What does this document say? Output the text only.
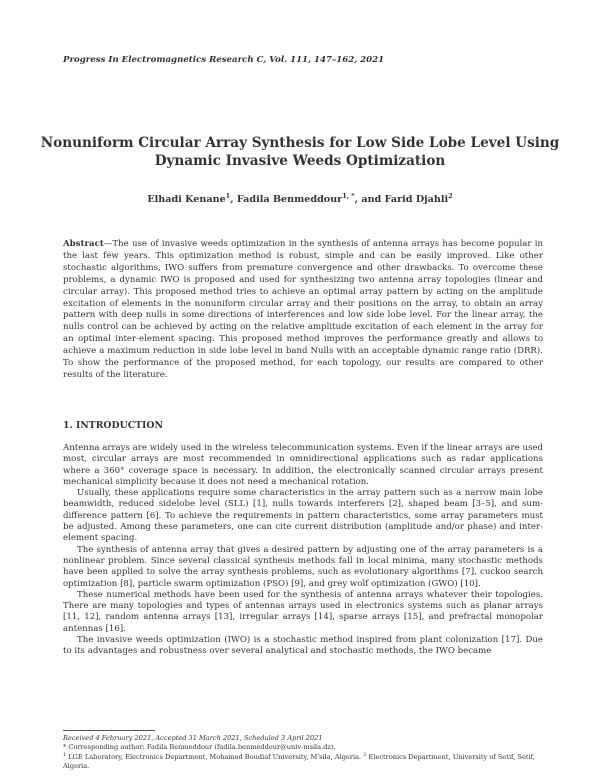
Progress In Electromagnetics Research C, Vol. 111, 147–162, 2021
Nonuniform Circular Array Synthesis for Low Side Lobe Level Using
Dynamic Invasive Weeds Optimization
Elhadi Kenane$^1$, Fadila Benmeddour$^{1, *}$, and Farid Djahli$^2$
Abstract—The use of invasive weeds optimization in the synthesis of antenna arrays has become popular in the last few years. This optimization method is robust, simple and can be easily improved. Like other stochastic algorithms, IWO suffers from premature convergence and other drawbacks. To overcome these problems, a dynamic IWO is proposed and used for synthesizing two antenna array topologies (linear and circular array). This proposed method tries to achieve an optimal array pattern by acting on the amplitude excitation of elements in the nonuniform circular array and their positions on the array, to obtain an array pattern with deep nulls in some directions of interferences and low side lobe level. For the linear array, the nulls control can be achieved by acting on the relative amplitude excitation of each element in the array for an optimal inter-element spacing. This proposed method improves the performance greatly and allows to achieve a maximum reduction in side lobe level in band Nulls with an acceptable dynamic range ratio (DRR). To show the performance of the proposed method, for each topology, our results are compared to other results of the literature.
1. INTRODUCTION

Antenna arrays are widely used in the wireless telecommunication systems. Even if the linear arrays are used most, circular arrays are most recommended in omnidirectional applications such as radar applications where a 360° coverage space is necessary. In addition, the electronically scanned circular arrays present mechanical simplicity because it does not need a mechanical rotation.

Usually, these applications require some characteristics in the array pattern such as a narrow main lobe beamwidth, reduced sidelobe level (SLL) [1], nulls towards interferers [2], shaped beam [3–5], and sum-difference pattern [6]. To achieve the requirements in pattern characteristics, some array parameters must be adjusted. Among these parameters, one can cite current distribution (amplitude and/or phase) and inter-element spacing.

The synthesis of antenna array that gives a desired pattern by adjusting one of the array parameters is a nonlinear problem. Since several classical synthesis methods fall in local minima, many stochastic methods have been applied to solve the array synthesis problems, such as evolutionary algorithms [7], cuckoo search optimization [8], particle swarm optimization (PSO) [9], and grey wolf optimization (GWO) [10].

These numerical methods have been used for the synthesis of antenna arrays whatever their topologies. There are many topologies and types of antennas arrays used in electronics systems such as planar arrays [11, 12], random antenna arrays [13], irregular arrays [14], sparse arrays [15], and prefractal monopolar antennas [16].

The invasive weeds optimization (IWO) is a stochastic method inspired from plant colonization [17]. Due to its advantages and robustness over several analytical and stochastic methods, the IWO became

Received 4 February 2021, Accepted 31 March 2021, Scheduled 3 April 2021
* Corresponding author: Fadila Benmeddour (fadila.benmeddour@univ-msila.dz).
$^1$ LGE Laboratory, Electronics Department, Mohamed Boudiaf University, M'sila, Algeria. $^2$ Electronics Department, University of Setif, Setif, Algeria.
